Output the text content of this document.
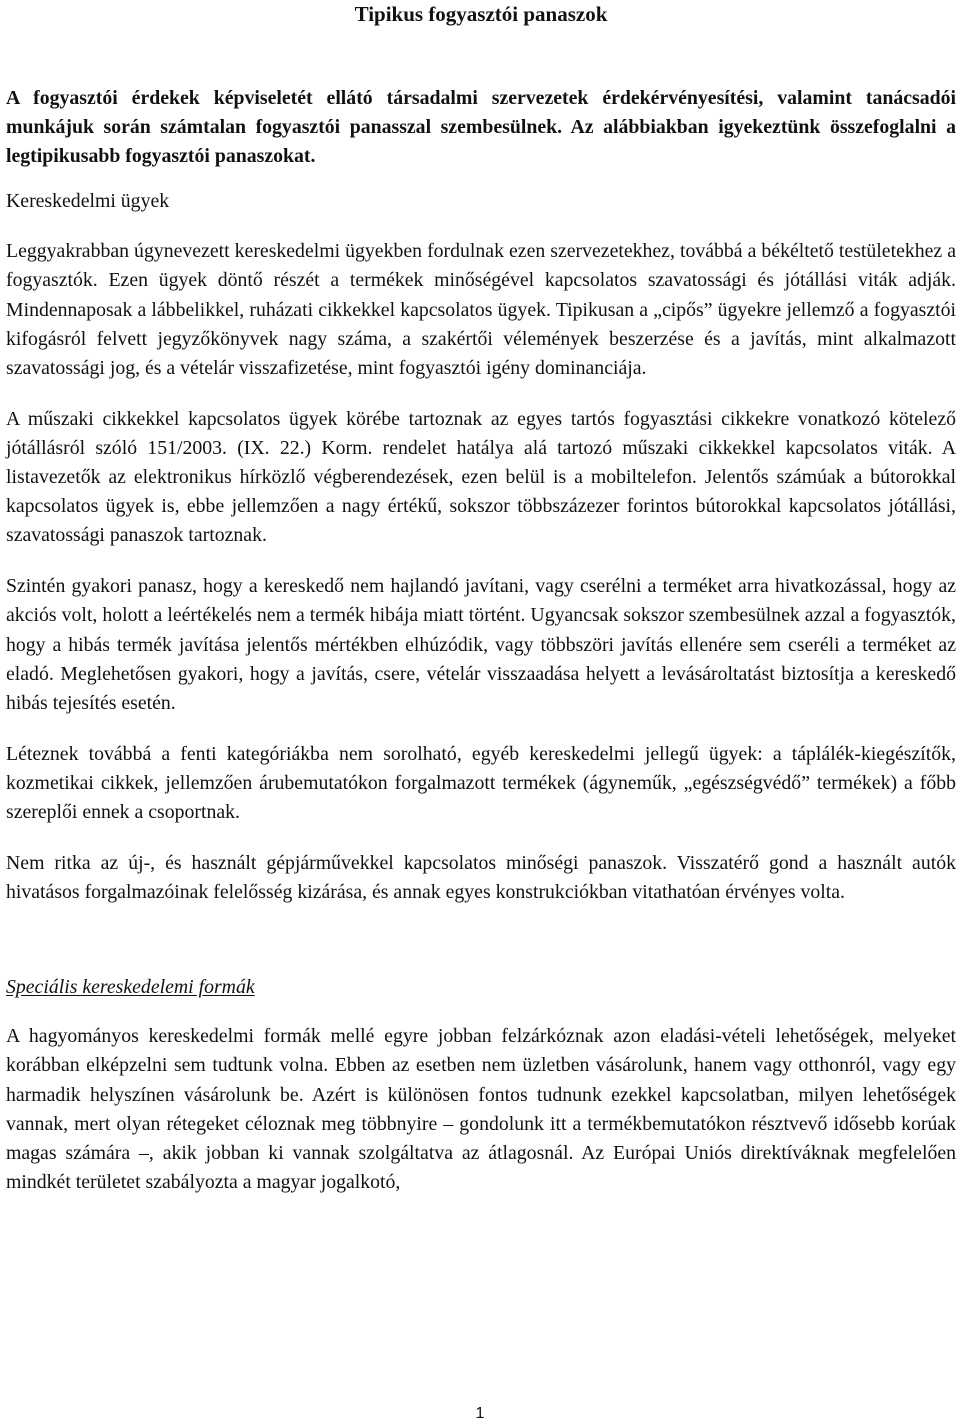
Tipikus fogyasztói panaszok

A fogyasztói érdekek képviseletét ellátó társadalmi szervezetek érdekérvényesítési, valamint tanácsadói munkájuk során számtalan fogyasztói panasszal szembesülnek. Az alábbiakban igyekeztünk összefoglalni a legtipikusabb fogyasztói panaszokat.

Kereskedelmi ügyek

Leggyakrabban úgynevezett kereskedelmi ügyekben fordulnak ezen szervezetekhez, továbbá a békéltető testületekhez a fogyasztók. Ezen ügyek döntő részét a termékek minőségével kapcsolatos szavatossági és jótállási viták adják. Mindennaposak a lábbelikkel, ruházati cikkekkel kapcsolatos ügyek. Tipikusan a „cipős” ügyekre jellemző a fogyasztói kifogásról felvett jegyzőkönyvek nagy száma, a szakértői vélemények beszerzése és a javítás, mint alkalmazott szavatossági jog, és a vételár visszafizetése, mint fogyasztói igény dominanciája.

A műszaki cikkekkel kapcsolatos ügyek körébe tartoznak az egyes tartós fogyasztási cikkekre vonatkozó kötelező jótállásról szóló 151/2003. (IX. 22.) Korm. rendelet hatálya alá tartozó műszaki cikkekkel kapcsolatos viták. A listavezetők az elektronikus hírközlő végberendezések, ezen belül is a mobiltelefon. Jelentős számúak a bútorokkal kapcsolatos ügyek is, ebbe jellemzően a nagy értékű, sokszor többszázezer forintos bútorokkal kapcsolatos jótállási, szavatossági panaszok tartoznak.

Szintén gyakori panasz, hogy a kereskedő nem hajlandó javítani, vagy cserélni a terméket arra hivatkozással, hogy az akciós volt, holott a leértékelés nem a termék hibája miatt történt. Ugyancsak sokszor szembesülnek azzal a fogyasztók, hogy a hibás termék javítása jelentős mértékben elhúzódik, vagy többszöri javítás ellenére sem cseréli a terméket az eladó. Meglehetősen gyakori, hogy a javítás, csere, vételár visszaadása helyett a levásároltatást biztosítja a kereskedő hibás tejesítés esetén.

Léteznek továbbá a fenti kategóriákba nem sorolható, egyéb kereskedelmi jellegű ügyek: a táplálék-kiegészítők, kozmetikai cikkek, jellemzően árubemutatókon forgalmazott termékek (ágyneműk, „egészségvédő” termékek) a főbb szereplői ennek a csoportnak.

Nem ritka az új-, és használt gépjárművekkel kapcsolatos minőségi panaszok. Visszatérő gond a használt autók hivatásos forgalmazóinak felelősség kizárása, és annak egyes konstrukciókban vitathatóan érvényes volta.

Speciális kereskedelemi formák

A hagyományos kereskedelmi formák mellé egyre jobban felzárkóznak azon eladási-vételi lehetőségek, melyeket korábban elképzelni sem tudtunk volna. Ebben az esetben nem üzletben vásárolunk, hanem vagy otthonról, vagy egy harmadik helyszínen vásárolunk be. Azért is különösen fontos tudnunk ezekkel kapcsolatban, milyen lehetőségek vannak, mert olyan rétegeket céloznak meg többnyire – gondolunk itt a termékbemutatókon résztvevő idősebb korúak magas számára –, akik jobban ki vannak szolgáltatva az átlagosnál. Az Európai Uniós direktíváknak megfelelően mindkét területet szabályozta a magyar jogalkotó,

1
